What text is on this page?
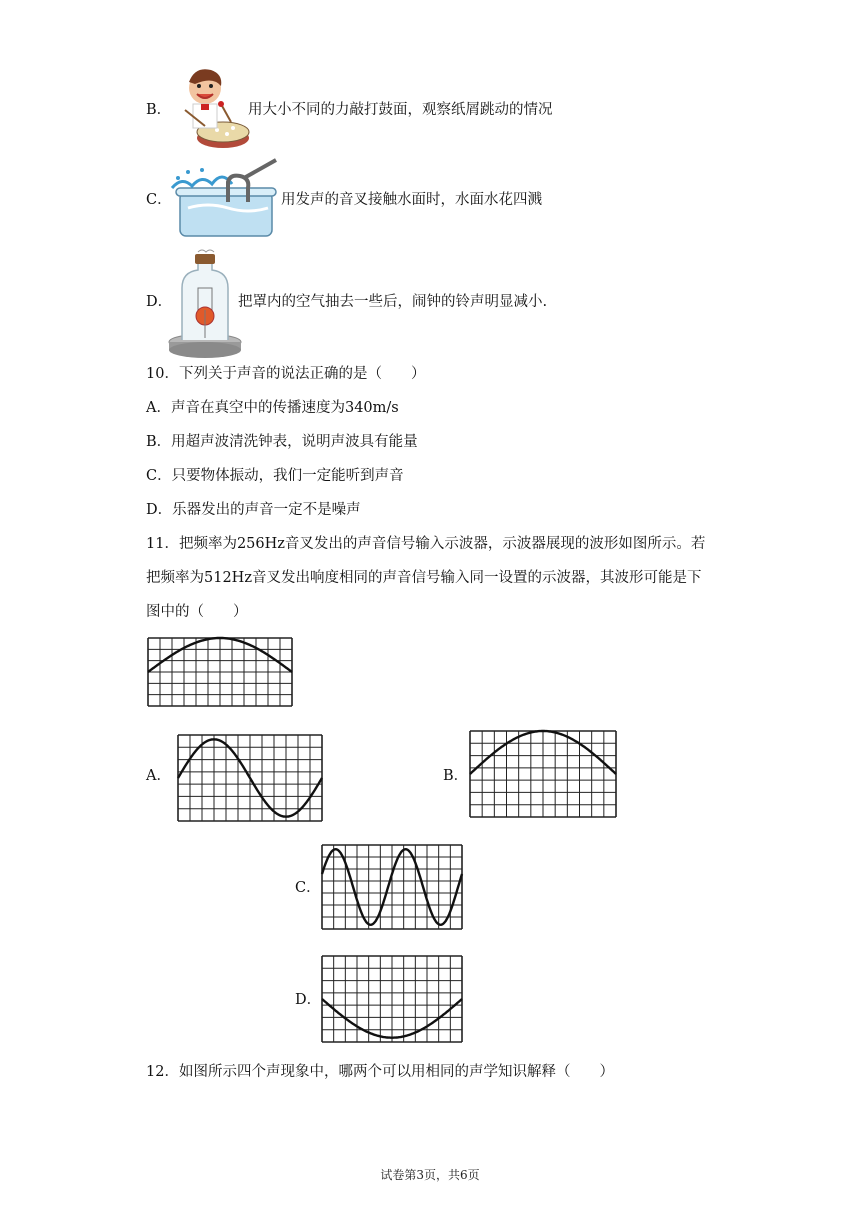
B．	用大小不同的力敲打鼓面，观察纸屑跳动的情况
C．	用发声的音叉接触水面时，水面水花四溅
D．	把罩内的空气抽去一些后，闹钟的铃声明显减小.
10．下列关于声音的说法正确的是（　　）
A．声音在真空中的传播速度为340m/s
B．用超声波清洗钟表，说明声波具有能量
C．只要物体振动，我们一定能听到声音
D．乐器发出的声音一定不是噪声
11．把频率为256Hz音叉发出的声音信号输入示波器，示波器展现的波形如图所示。若
把频率为512Hz音叉发出响度相同的声音信号输入同一设置的示波器，其波形可能是下
图中的（　　）
A．	B．
C．
D．
12．如图所示四个声现象中，哪两个可以用相同的声学知识解释（　　）
试卷第3页，共6页
